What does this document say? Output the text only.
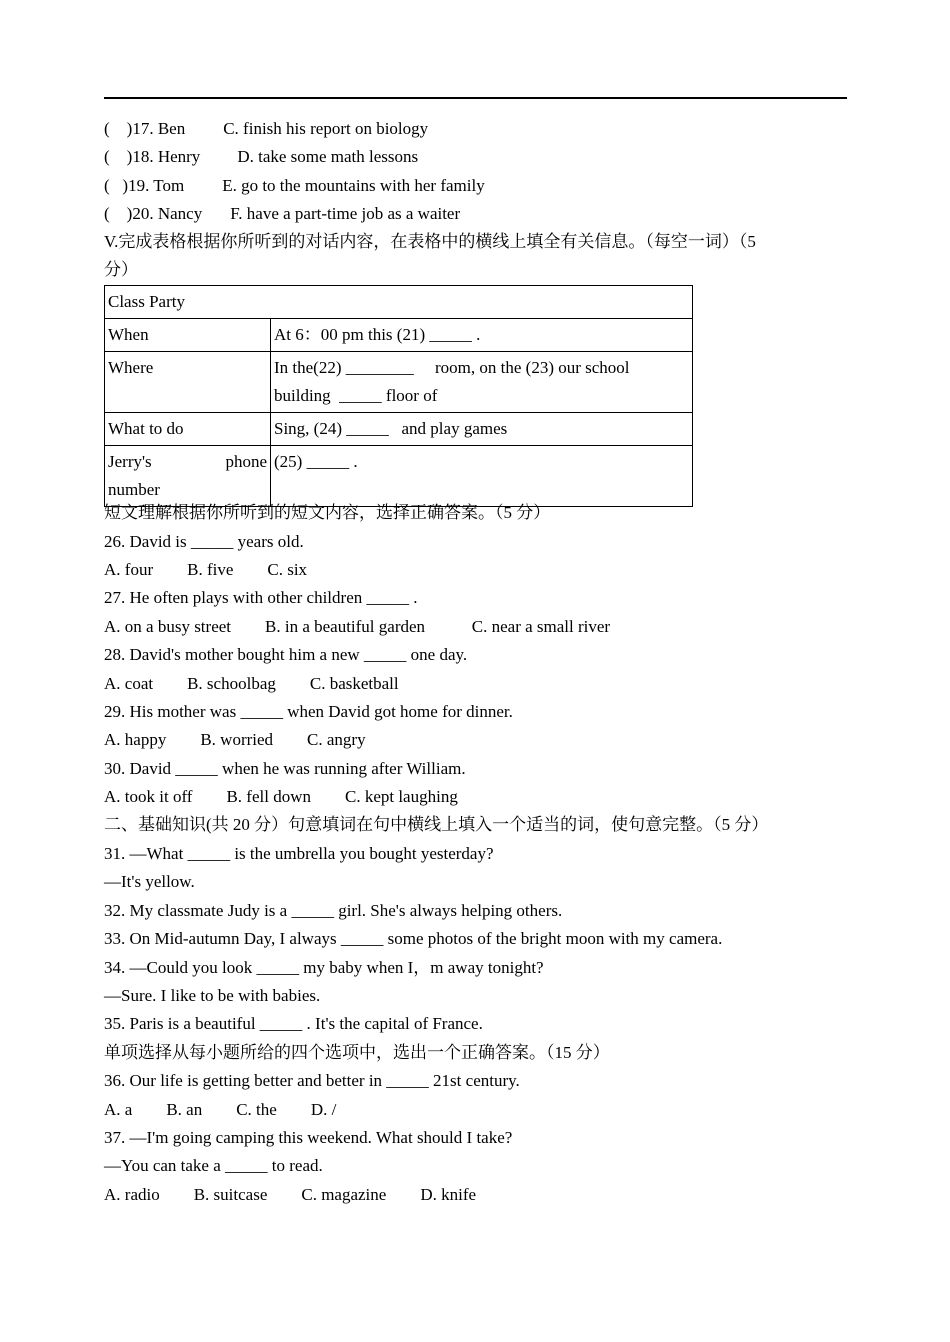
(    )17. Ben C. finish his report on biology
(    )18. Henry D. take some math lessons
(   )19. Tom E. go to the mountains with her family
(    )20. Nancy F. have a part-time job as a waiter
V.完成表格根据你所听到的对话内容，在表格中的横线上填全有关信息。（每空一词）（5
分）
Class Party	
When	At 6：00 pm this (21) _____ .
Where	In the(22) ________     room, on the (23) our school
building  _____ floor of

What to do	Sing, (24) _____   and play games

Jerry's phone
number	(25) _____ .
短文理解根据你所听到的短文内容，选择正确答案。（5 分）
26. David is _____ years old.
A. four        B. five        C. six
27. He often plays with other children _____ .
A. on a busy street        B. in a beautiful garden           C. near a small river
28. David's mother bought him a new _____ one day.
A. coat        B. schoolbag        C. basketball
29. His mother was _____ when David got home for dinner.
A. happy        B. worried        C. angry
30. David _____ when he was running after William.
A. took it off        B. fell down        C. kept laughing
二、基础知识(共 20 分）句意填词在句中横线上填入一个适当的词，使句意完整。（5 分）
31. ―What _____ is the umbrella you bought yesterday?
―It's yellow.
32. My classmate Judy is a _____ girl. She's always helping others.
33. On Mid-autumn Day, I always _____ some photos of the bright moon with my camera.
34. ―Could you look _____ my baby when I，m away tonight?
―Sure. I like to be with babies.
35. Paris is a beautiful _____ . It's the capital of France.
单项选择从每小题所给的四个选项中，选出一个正确答案。（15 分）
36. Our life is getting better and better in _____ 21st century.
A. a        B. an        C. the        D. /
37. ―I'm going camping this weekend. What should I take?
—You can take a _____ to read.
A. radio        B. suitcase        C. magazine        D. knife
